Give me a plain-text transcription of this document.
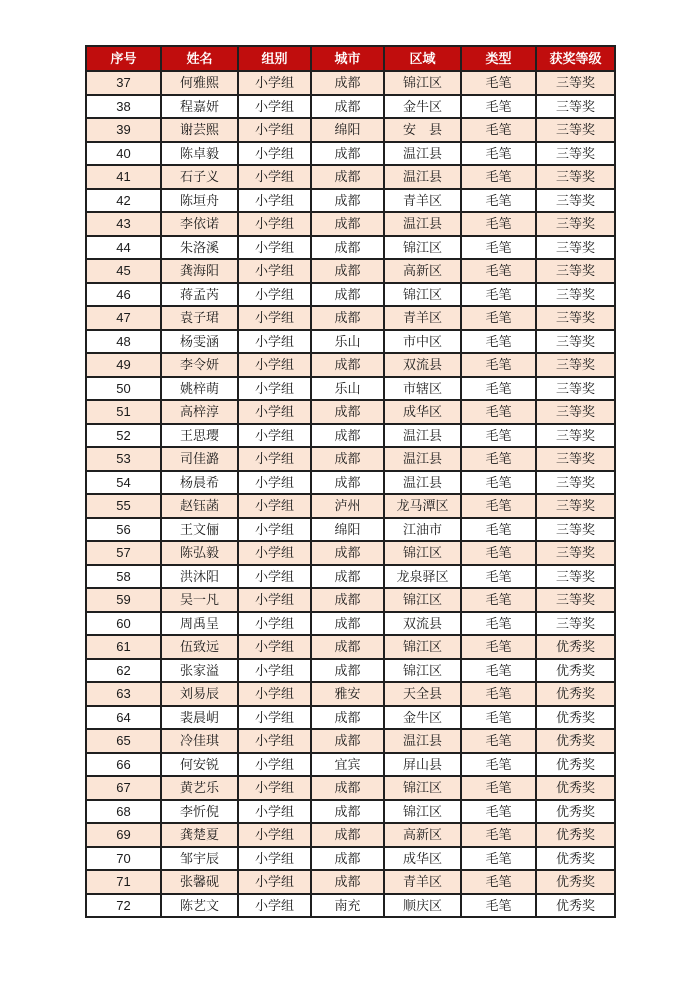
序号	姓名	组别	城市	区域	类型	获奖等级
37	何雅熙	小学组	成都	锦江区	毛笔	三等奖
38	程嘉妍	小学组	成都	金牛区	毛笔	三等奖
39	谢芸熙	小学组	绵阳	安　县	毛笔	三等奖
40	陈卓毅	小学组	成都	温江县	毛笔	三等奖
41	石子义	小学组	成都	温江县	毛笔	三等奖
42	陈垣舟	小学组	成都	青羊区	毛笔	三等奖
43	李依诺	小学组	成都	温江县	毛笔	三等奖
44	朱洛溪	小学组	成都	锦江区	毛笔	三等奖
45	龚海阳	小学组	成都	高新区	毛笔	三等奖
46	蒋孟芮	小学组	成都	锦江区	毛笔	三等奖
47	袁子珺	小学组	成都	青羊区	毛笔	三等奖
48	杨雯涵	小学组	乐山	市中区	毛笔	三等奖
49	李令妍	小学组	成都	双流县	毛笔	三等奖
50	姚梓萌	小学组	乐山	市辖区	毛笔	三等奖
51	高梓淳	小学组	成都	成华区	毛笔	三等奖
52	王思璎	小学组	成都	温江县	毛笔	三等奖
53	司佳潞	小学组	成都	温江县	毛笔	三等奖
54	杨晨希	小学组	成都	温江县	毛笔	三等奖
55	赵钰菡	小学组	泸州	龙马潭区	毛笔	三等奖
56	王文俪	小学组	绵阳	江油市	毛笔	三等奖
57	陈弘毅	小学组	成都	锦江区	毛笔	三等奖
58	洪沐阳	小学组	成都	龙泉驿区	毛笔	三等奖
59	吴一凡	小学组	成都	锦江区	毛笔	三等奖
60	周禹呈	小学组	成都	双流县	毛笔	三等奖
61	伍致远	小学组	成都	锦江区	毛笔	优秀奖
62	张家溢	小学组	成都	锦江区	毛笔	优秀奖
63	刘易辰	小学组	雅安	天全县	毛笔	优秀奖
64	裴晨岄	小学组	成都	金牛区	毛笔	优秀奖
65	冷佳琪	小学组	成都	温江县	毛笔	优秀奖
66	何安锐	小学组	宜宾	屏山县	毛笔	优秀奖
67	黄艺乐	小学组	成都	锦江区	毛笔	优秀奖
68	李忻倪	小学组	成都	锦江区	毛笔	优秀奖
69	龚楚夏	小学组	成都	高新区	毛笔	优秀奖
70	邹宇辰	小学组	成都	成华区	毛笔	优秀奖
71	张馨砚	小学组	成都	青羊区	毛笔	优秀奖
72	陈艺文	小学组	南充	顺庆区	毛笔	优秀奖
